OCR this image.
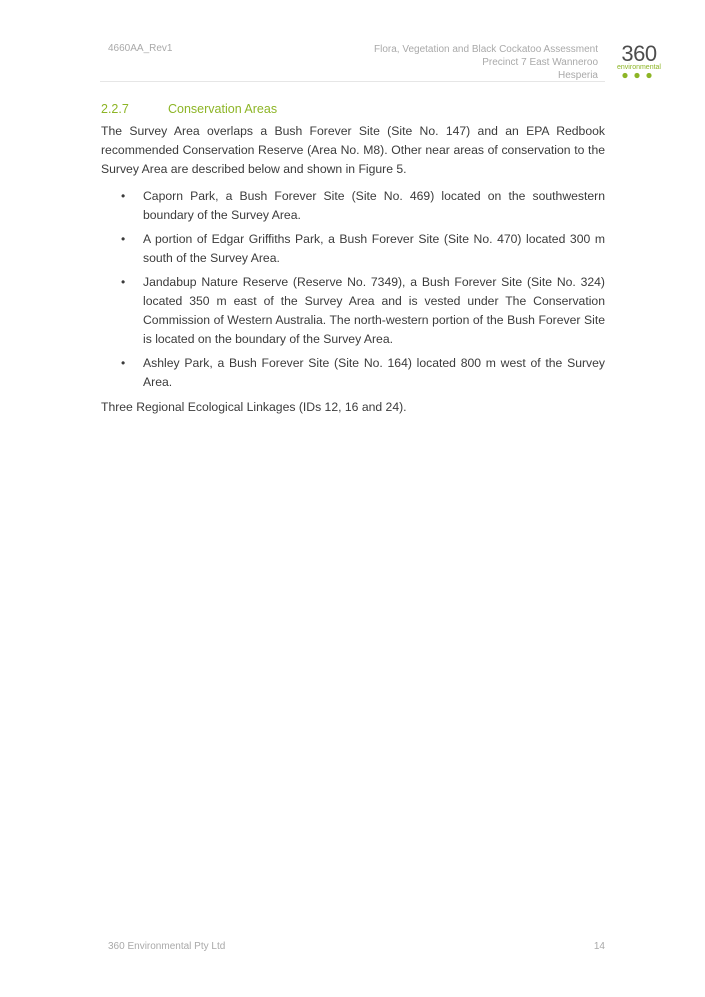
4660AA_Rev1	Flora, Vegetation and Black Cockatoo Assessment
Precinct 7 East Wanneroo
Hesperia
360
environmental
2.2.7	Conservation Areas

The Survey Area overlaps a Bush Forever Site (Site No. 147) and an EPA Redbook recommended Conservation Reserve (Area No. M8). Other near areas of conservation to the Survey Area are described below and shown in Figure 5.

• Caporn Park, a Bush Forever Site (Site No. 469) located on the southwestern boundary of the Survey Area.
• A portion of Edgar Griffiths Park, a Bush Forever Site (Site No. 470) located 300 m south of the Survey Area.
• Jandabup Nature Reserve (Reserve No. 7349), a Bush Forever Site (Site No. 324) located 350 m east of the Survey Area and is vested under The Conservation Commission of Western Australia. The north-western portion of the Bush Forever Site is located on the boundary of the Survey Area.
• Ashley Park, a Bush Forever Site (Site No. 164) located 800 m west of the Survey Area.

Three Regional Ecological Linkages (IDs 12, 16 and 24).

360 Environmental Pty Ltd	14
